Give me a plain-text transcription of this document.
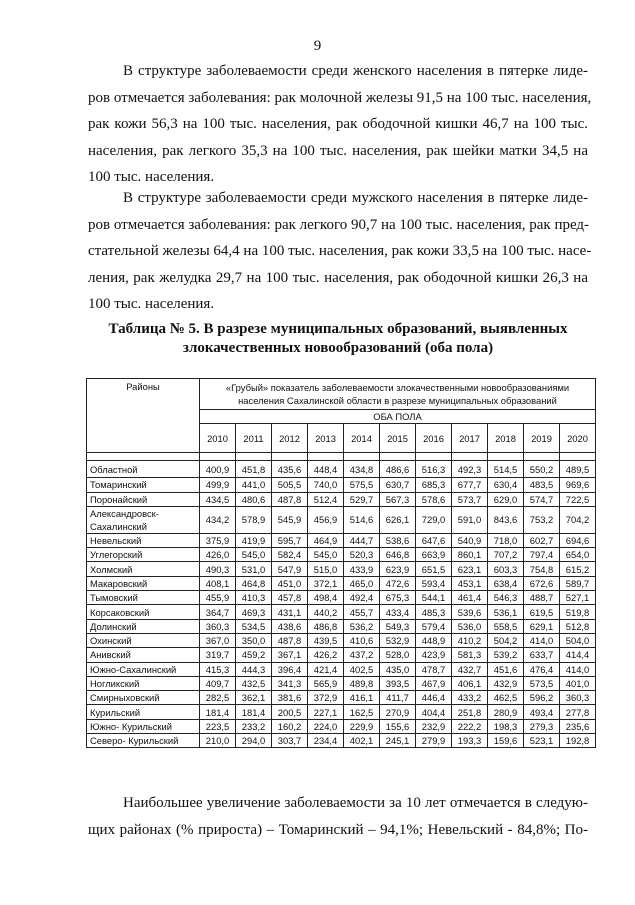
9
В структуре заболеваемости среди женского населения в пятерке лиде-
ров отмечается заболевания: рак молочной железы 91,5 на 100 тыс. населения,
рак кожи 56,3 на 100 тыс. населения, рак ободочной кишки 46,7 на 100 тыс.
населения, рак легкого 35,3 на 100 тыс. населения, рак шейки матки 34,5 на
100 тыс. населения.
В структуре заболеваемости среди мужского населения в пятерке лиде-
ров отмечается заболевания: рак легкого 90,7 на 100 тыс. населения, рак пред-
стательной железы 64,4 на 100 тыс. населения, рак кожи 33,5 на 100 тыс. насе-
ления, рак желудка 29,7 на 100 тыс. населения, рак ободочной кишки 26,3 на
100 тыс. населения.
Таблица № 5. В разрезе муниципальных образований, выявленных
злокачественных новообразований (оба пола)
Районы	«Грубый» показатель заболеваемости злокачественными новообразованиями населения Сахалинской области в разрезе муниципальных образований										
	ОБА ПОЛА										
	2010	2011	2012	2013	2014	2015	2016	2017	2018	2019	2020

Областной	400,9	451,8	435,6	448,4	434,8	486,6	516,3	492,3	514,5	550,2	489,5
Томаринский	499,9	441,0	505,5	740,0	575,5	630,7	685,3	677,7	630,4	483,5	969,6
Поронайский	434,5	480,6	487,8	512,4	529,7	567,3	578,6	573,7	629,0	574,7	722,5
Александровск-Сахалинский	434,2	578,9	545,9	456,9	514,6	626,1	729,0	591,0	843,6	753,2	704,2
Невельский	375,9	419,9	595,7	464,9	444,7	538,6	647,6	540,9	718,0	602,7	694,6
Углегорский	426,0	545,0	582,4	545,0	520,3	646,8	663,9	860,1	707,2	797,4	654,0
Холмский	490,3	531,0	547,9	515,0	433,9	623,9	651,5	623,1	603,3	754,8	615,2
Макаровский	408,1	464,8	451,0	372,1	465,0	472,6	593,4	453,1	638,4	672,6	589,7
Тымовский	455,9	410,3	457,8	498,4	492,4	675,3	544,1	461,4	546,3	488,7	527,1
Корсаковский	364,7	469,3	431,1	440,2	455,7	433,4	485,3	539,6	536,1	619,5	519,8
Долинский	360,3	534,5	438,6	486,8	536,2	549,3	579,4	536,0	558,5	629,1	512,8
Охинский	367,0	350,0	487,8	439,5	410,6	532,9	448,9	410,2	504,2	414,0	504,0
Анивский	319,7	459,2	367,1	426,2	437,2	528,0	423,9	581,3	539,2	633,7	414,4
Южно-Сахалинский	415,3	444,3	396,4	421,4	402,5	435,0	478,7	432,7	451,6	476,4	414,0
Ногликский	409,7	432,5	341,3	565,9	489,8	393,5	467,9	406,1	432,9	573,5	401,0
Смирныховский	282,5	362,1	381,6	372,9	416,1	411,7	446,4	433,2	462,5	596,2	360,3
Курильский	181,4	181,4	200,5	227,1	162,5	270,9	404,4	251,8	280,9	493,4	277,8
Южно- Курильский	223,5	233,2	160,2	224,0	229,9	155,6	232,9	222,2	198,3	279,3	235,6
Северо- Курильский	210,0	294,0	303,7	234,4	402,1	245,1	279,9	193,3	159,6	523,1	192,8
Наибольшее увеличение заболеваемости за 10 лет отмечается в следую-
щих районах (% прироста) – Томаринский – 94,1%; Невельский - 84,8%; По-
